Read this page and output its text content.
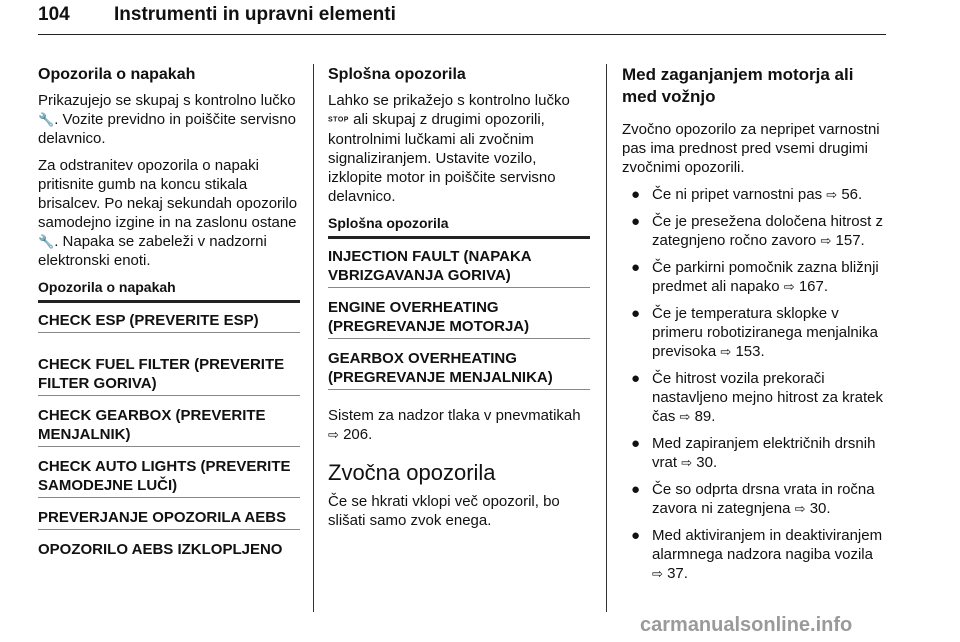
104 Instrumenti in upravni elementi
Opozorila o napakah

Prikazujejo se skupaj s kontrolno lučko 🔧. Vozite previdno in poiščite servisno delavnico.

Za odstranitev opozorila o napaki pritisnite gumb na koncu stikala brisalcev. Po nekaj sekundah opozorilo samodejno izgine in na zaslonu ostane 🔧. Napaka se zabeleži v nadzorni elektronski enoti.

Opozorila o napakah
CHECK ESP (PREVERITE ESP)
CHECK FUEL FILTER (PREVERITE FILTER GORIVA)
CHECK GEARBOX (PREVERITE MENJALNIK)
CHECK AUTO LIGHTS (PREVERITE SAMODEJNE LUČI)
PREVERJANJE OPOZORILA AEBS
OPOZORILO AEBS IZKLOPLJENO
Splošna opozorila

Lahko se prikažejo s kontrolno lučko STOP ali skupaj z drugimi opozorili, kontrolnimi lučkami ali zvočnim signaliziranjem. Ustavite vozilo, izklopite motor in poiščite servisno delavnico.

Splošna opozorila
INJECTION FAULT (NAPAKA VBRIZGAVANJA GORIVA)
ENGINE OVERHEATING (PREGREVANJE MOTORJA)
GEARBOX OVERHEATING (PREGREVANJE MENJALNIKA)

Sistem za nadzor tlaka v pnevmatikah ⇨ 206.

Zvočna opozorila

Če se hkrati vklopi več opozoril, bo slišati samo zvok enega.

Med zaganjanjem motorja ali med vožnjo

Zvočno opozorilo za nepripet varnostni pas ima prednost pred vsemi drugimi zvočnimi opozorili.

● Če ni pripet varnostni pas ⇨ 56.
● Če je presežena določena hitrost z zategnjeno ročno zavoro ⇨ 157.
● Če parkirni pomočnik zazna bližnji predmet ali napako ⇨ 167.
● Če je temperatura sklopke v primeru robotiziranega menjalnika previsoka ⇨ 153.
● Če hitrost vozila prekorači nastavljeno mejno hitrost za kratek čas ⇨ 89.
● Med zapiranjem električnih drsnih vrat ⇨ 30.
● Če so odprta drsna vrata in ročna zavora ni zategnjena ⇨ 30.
● Med aktiviranjem in deaktiviranjem alarmnega nadzora nagiba vozila ⇨ 37.
carmanualsonline.info
